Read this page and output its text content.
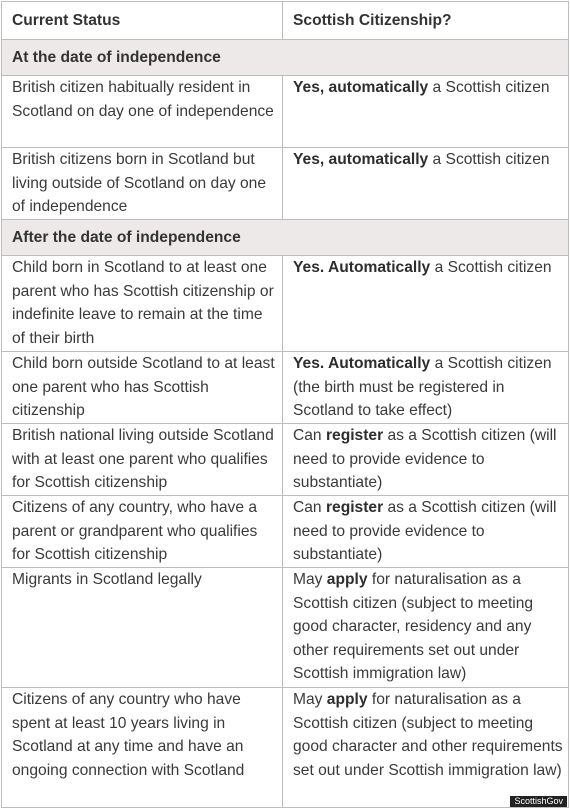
Current Status	Scottish Citizenship?
At the date of independence	
British citizen habitually resident in Scotland on day one of independence	Yes, automatically a Scottish citizen
British citizens born in Scotland but living outside of Scotland on day one of independence	Yes, automatically a Scottish citizen
After the date of independence	
Child born in Scotland to at least one parent who has Scottish citizenship or indefinite leave to remain at the time of their birth	Yes. Automatically a Scottish citizen
Child born outside Scotland to at least one parent who has Scottish citizenship	Yes. Automatically a Scottish citizen (the birth must be registered in Scotland to take effect)
British national living outside Scotland with at least one parent who qualifies for Scottish citizenship	Can register as a Scottish citizen (will need to provide evidence to substantiate)
Citizens of any country, who have a parent or grandparent who qualifies for Scottish citizenship	Can register as a Scottish citizen (will need to provide evidence to substantiate)
Migrants in Scotland legally	May apply for naturalisation as a Scottish citizen (subject to meeting good character, residency and any other requirements set out under Scottish immigration law)
Citizens of any country who have spent at least 10 years living in Scotland at any time and have an ongoing connection with Scotland	May apply for naturalisation as a Scottish citizen (subject to meeting good character and other requirements set out under Scottish immigration law)
ScottishGov
